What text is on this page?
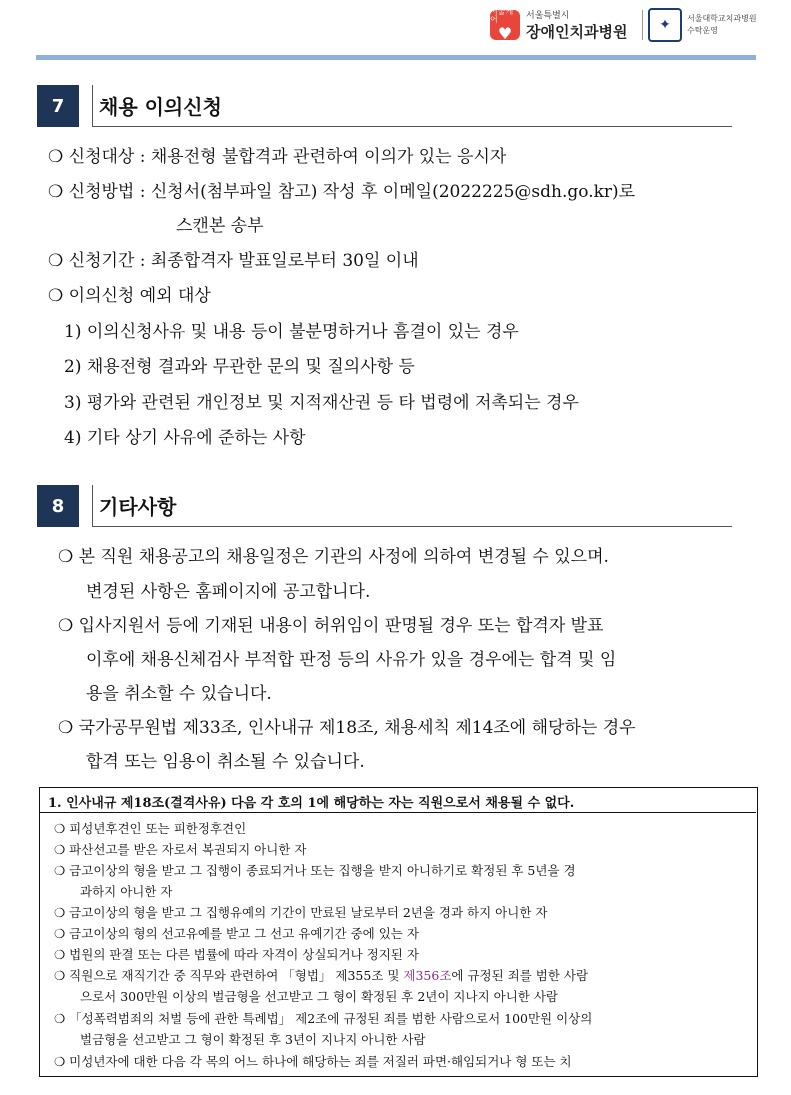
서울케어
♥
서울특별시
장애인치과병원	✦	서울대학교치과병원
수탁운영
7	채용 이의신청
❍ 신청대상 : 채용전형 불합격과 관련하여 이의가 있는 응시자
❍ 신청방법 : 신청서(첨부파일 참고) 작성 후 이메일(2022225@sdh.go.kr)로
스캔본 송부
❍ 신청기간 : 최종합격자 발표일로부터 30일 이내
❍ 이의신청 예외 대상
1) 이의신청사유 및 내용 등이 불분명하거나 흠결이 있는 경우
2) 채용전형 결과와 무관한 문의 및 질의사항 등
3) 평가와 관련된 개인정보 및 지적재산권 등 타 법령에 저촉되는 경우
4) 기타 상기 사유에 준하는 사항
8	기타사항
❍ 본 직원 채용공고의 채용일정은 기관의 사정에 의하여 변경될 수 있으며.
변경된 사항은 홈페이지에 공고합니다.
❍ 입사지원서 등에 기재된 내용이 허위임이 판명될 경우 또는 합격자 발표
이후에 채용신체검사 부적합 판정 등의 사유가 있을 경우에는 합격 및 임
용을 취소할 수 있습니다.
❍ 국가공무원법 제33조, 인사내규 제18조, 채용세칙 제14조에 해당하는 경우
합격 또는 임용이 취소될 수 있습니다.
1. 인사내규 제18조(결격사유) 다음 각 호의 1에 해당하는 자는 직원으로서 채용될 수 없다.
❍ 피성년후견인 또는 피한정후견인
❍ 파산선고를 받은 자로서 복권되지 아니한 자
❍ 금고이상의 형을 받고 그 집행이 종료되거나 또는 집행을 받지 아니하기로 확정된 후 5년을 경
과하지 아니한 자
❍ 금고이상의 형을 받고 그 집행유예의 기간이 만료된 날로부터 2년을 경과 하지 아니한 자
❍ 금고이상의 형의 선고유예를 받고 그 선고 유예기간 중에 있는 자
❍ 법원의 판결 또는 다른 법률에 따라 자격이 상실되거나 정지된 자
❍ 직원으로 재직기간 중 직무와 관련하여 「형법」 제355조 및 제356조에 규정된 죄를 범한 사람
으로서 300만원 이상의 벌금형을 선고받고 그 형이 확정된 후 2년이 지나지 아니한 사람
❍ 「성폭력범죄의 처벌 등에 관한 특례법」 제2조에 규정된 죄를 범한 사람으로서 100만원 이상의
벌금형을 선고받고 그 형이 확정된 후 3년이 지나지 아니한 사람
❍ 미성년자에 대한 다음 각 목의 어느 하나에 해당하는 죄를 저질러 파면·해임되거나 형 또는 치
